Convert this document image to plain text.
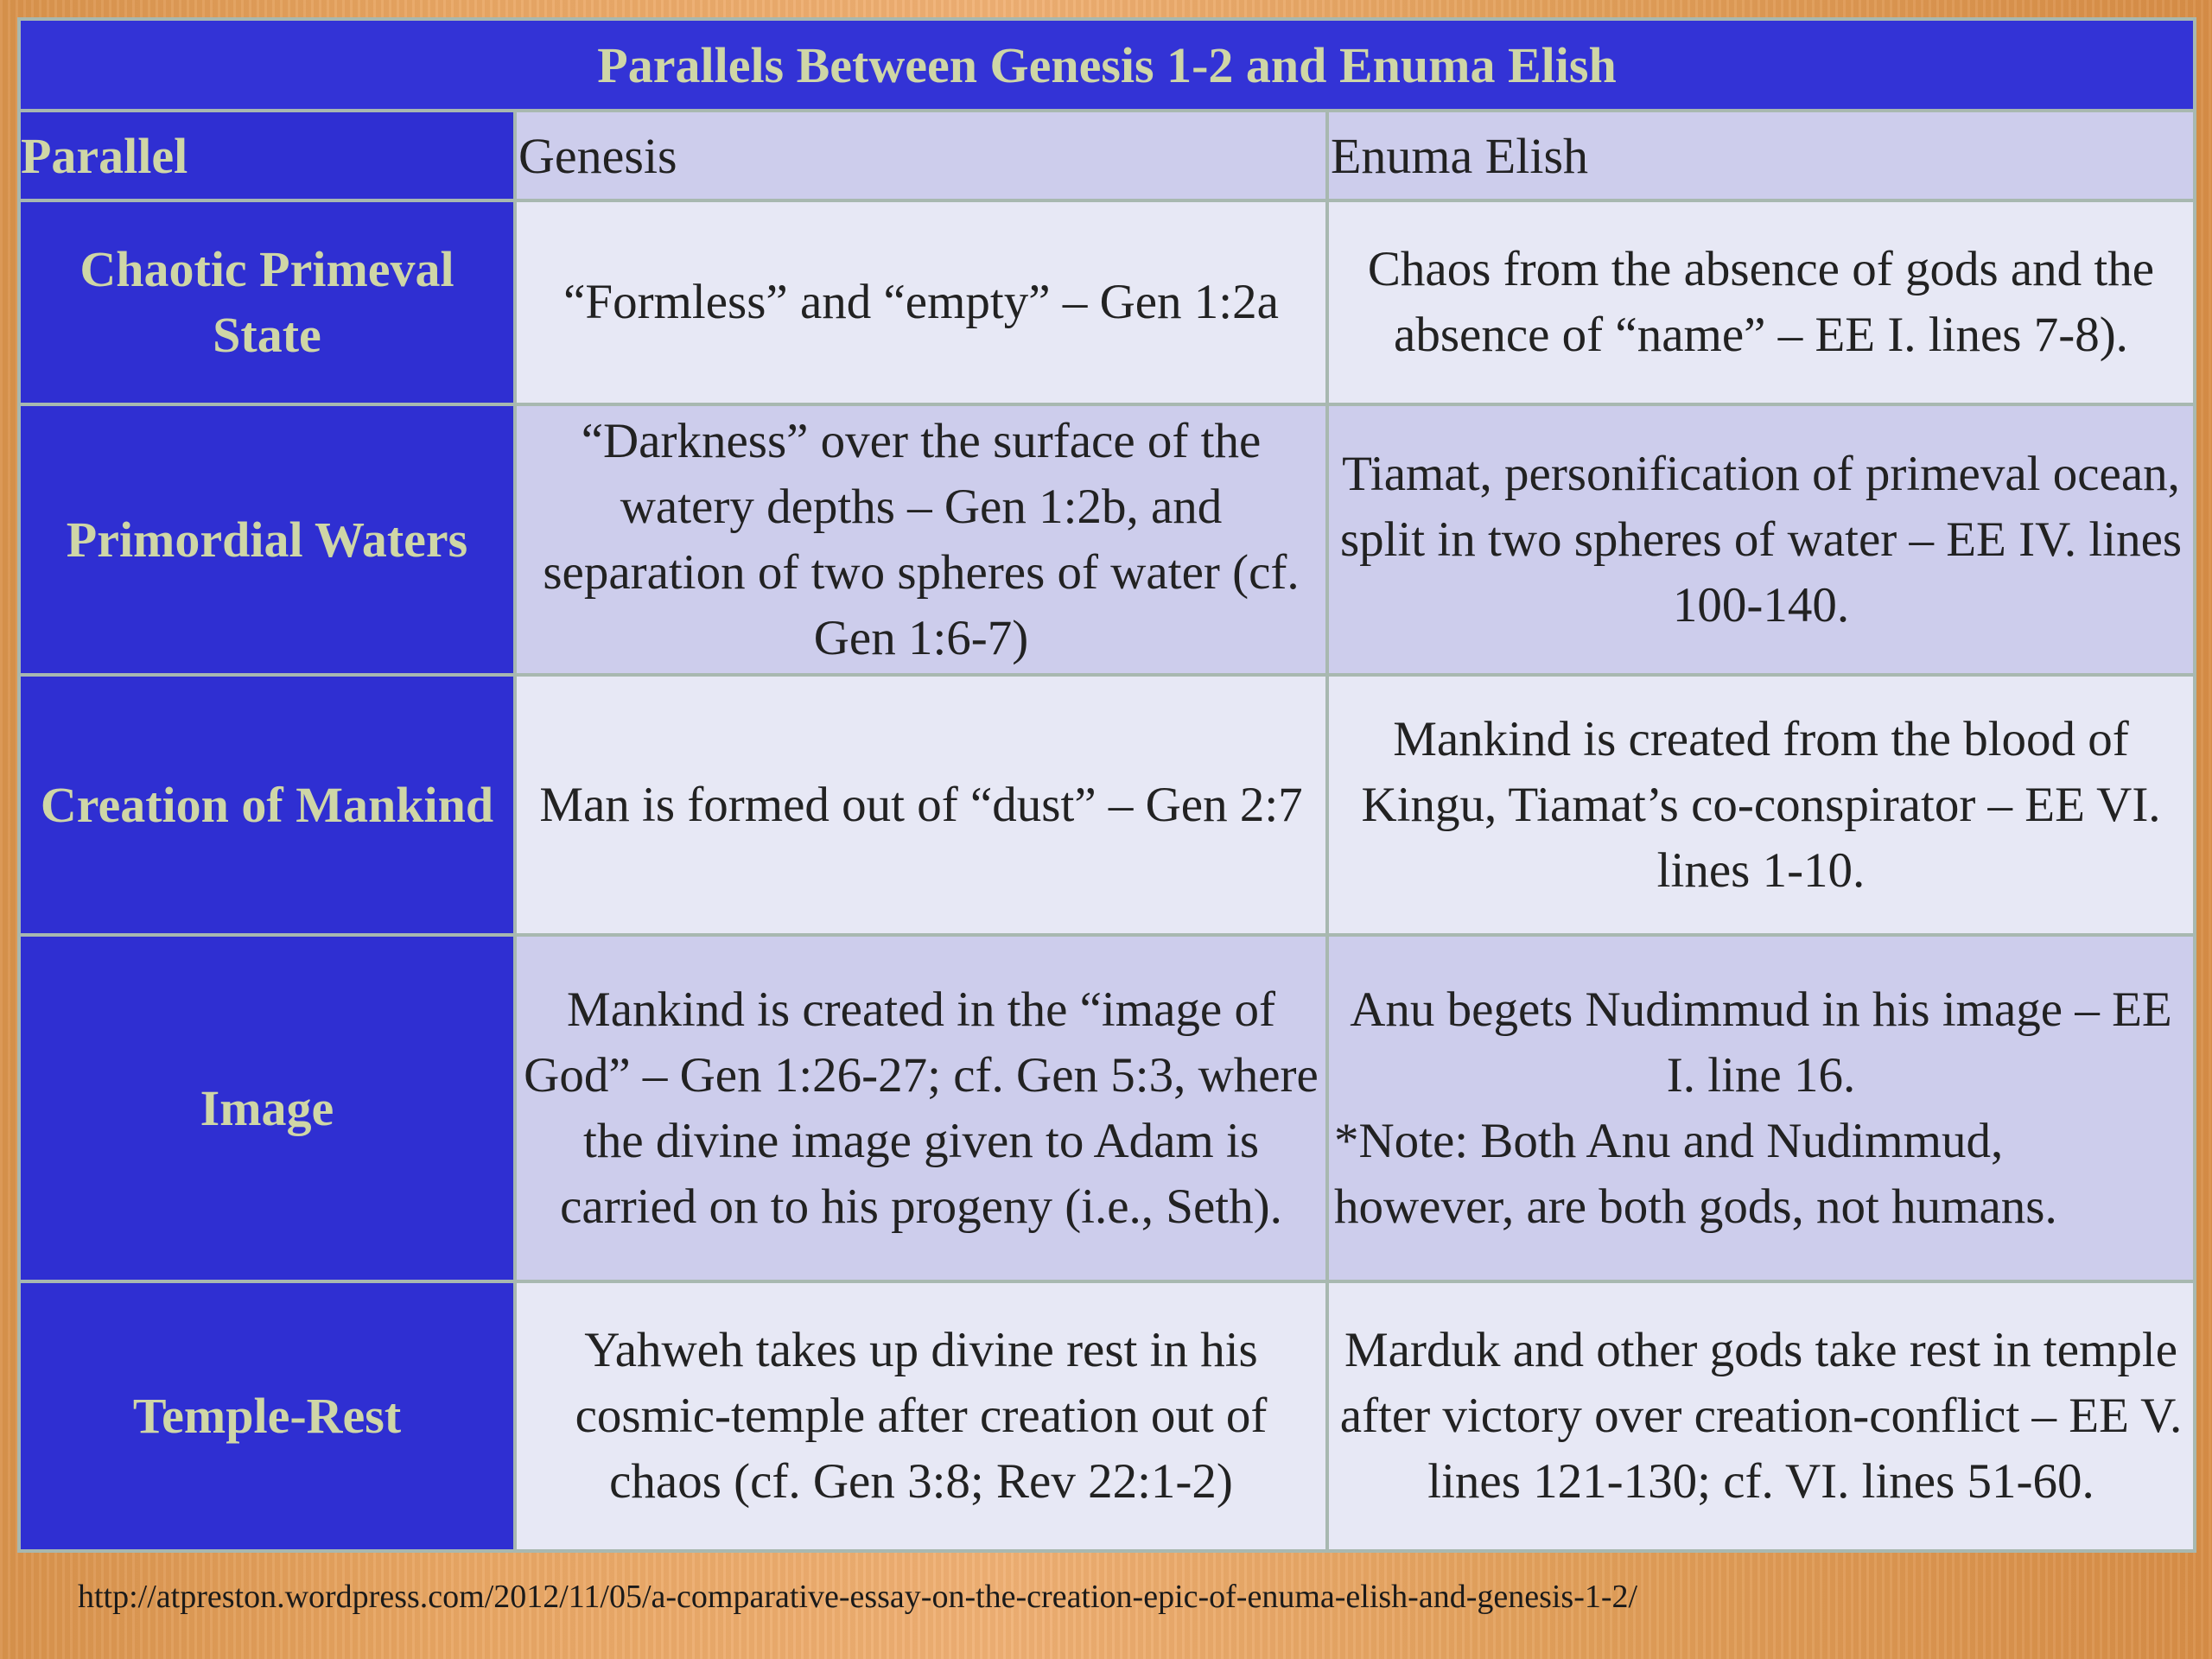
Parallels Between Genesis 1-2 and Enuma Elish		
Parallel	Genesis	Enuma Elish
Chaotic Primeval State	“Formless” and “empty” – Gen 1:2a	Chaos from the absence of gods and the absence of “name” – EE I. lines 7-8).
Primordial Waters	“Darkness” over the surface of the watery depths – Gen 1:2b, and separation of two spheres of water (cf. Gen 1:6-7)	Tiamat, personification of primeval ocean, split in two spheres of water – EE IV. lines 100-140.
Creation of Mankind	Man is formed out of “dust” – Gen 2:7	Mankind is created from the blood of Kingu, Tiamat’s co-conspirator – EE VI. lines 1-10.
Image	Mankind is created in the “image of God” – Gen 1:26-27; cf. Gen 5:3, where the divine image given to Adam is carried on to his progeny (i.e., Seth).	Anu begets Nudimmud in his image – EE I. line 16.
*Note: Both Anu and Nudimmud, however, are both gods, not humans.

Temple-Rest	Yahweh takes up divine rest in his cosmic-temple after creation out of chaos (cf. Gen 3:8; Rev 22:1-2)	Marduk and other gods take rest in temple after victory over creation-conflict – EE V. lines 121-130; cf. VI. lines 51-60.
http://atpreston.wordpress.com/2012/11/05/a-comparative-essay-on-the-creation-epic-of-enuma-elish-and-genesis-1-2/
